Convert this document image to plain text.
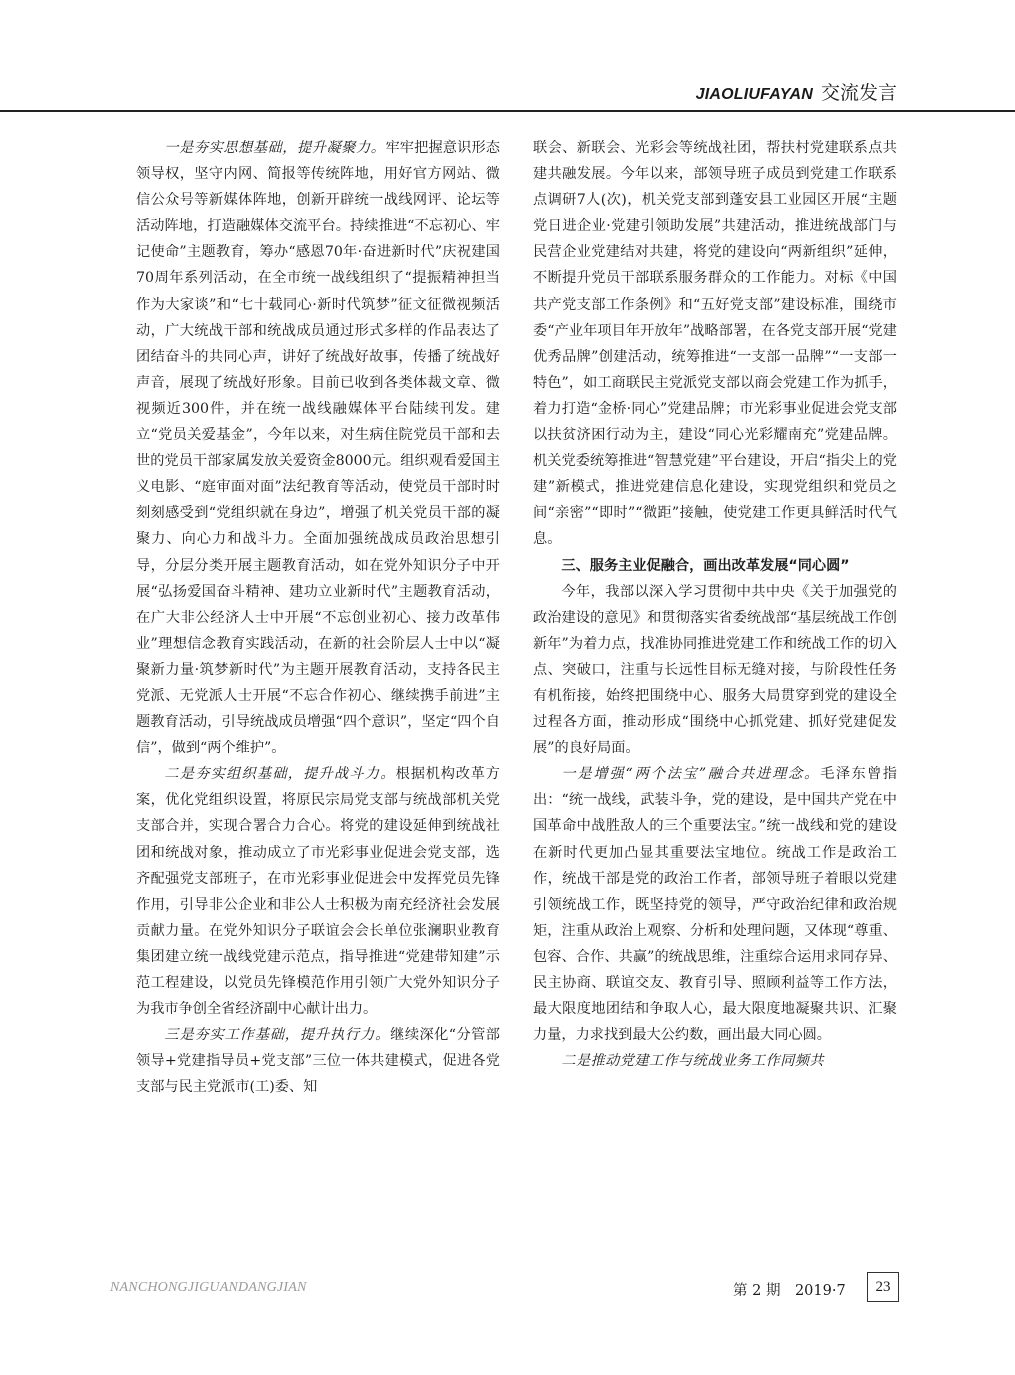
JIAOLIUFAYAN 交流发言

一是夯实思想基础，提升凝聚力。牢牢把握意识形态领导权，坚守内网、简报等传统阵地，用好官方网站、微信公众号等新媒体阵地，创新开辟统一战线网评、论坛等活动阵地，打造融媒体交流平台。持续推进“不忘初心、牢记使命”主题教育，筹办“感恩70年·奋进新时代”庆祝建国70周年系列活动，在全市统一战线组织了“提振精神担当作为大家谈”和“七十载同心·新时代筑梦”征文征微视频活动，广大统战干部和统战成员通过形式多样的作品表达了团结奋斗的共同心声，讲好了统战好故事，传播了统战好声音，展现了统战好形象。目前已收到各类体裁文章、微视频近300件，并在统一战线融媒体平台陆续刊发。建立“党员关爱基金”，今年以来，对生病住院党员干部和去世的党员干部家属发放关爱资金8000元。组织观看爱国主义电影、“庭审面对面”法纪教育等活动，使党员干部时时刻刻感受到“党组织就在身边”，增强了机关党员干部的凝聚力、向心力和战斗力。全面加强统战成员政治思想引导，分层分类开展主题教育活动，如在党外知识分子中开展“弘扬爱国奋斗精神、建功立业新时代”主题教育活动，在广大非公经济人士中开展“不忘创业初心、接力改革伟业”理想信念教育实践活动，在新的社会阶层人士中以“凝聚新力量·筑梦新时代”为主题开展教育活动，支持各民主党派、无党派人士开展“不忘合作初心、继续携手前进”主题教育活动，引导统战成员增强“四个意识”，坚定“四个自信”，做到“两个维护”。

二是夯实组织基础，提升战斗力。根据机构改革方案，优化党组织设置，将原民宗局党支部与统战部机关党支部合并，实现合署合力合心。将党的建设延伸到统战社团和统战对象，推动成立了市光彩事业促进会党支部，选齐配强党支部班子，在市光彩事业促进会中发挥党员先锋作用，引导非公企业和非公人士积极为南充经济社会发展贡献力量。在党外知识分子联谊会会长单位张澜职业教育集团建立统一战线党建示范点，指导推进“党建带知建”示范工程建设，以党员先锋模范作用引领广大党外知识分子为我市争创全省经济副中心献计出力。

三是夯实工作基础，提升执行力。继续深化“分管部领导+党建指导员+党支部”三位一体共建模式，促进各党支部与民主党派市(工)委、知

联会、新联会、光彩会等统战社团，帮扶村党建联系点共建共融发展。今年以来，部领导班子成员到党建工作联系点调研7人(次)，机关党支部到蓬安县工业园区开展“主题党日进企业·党建引领助发展”共建活动，推进统战部门与民营企业党建结对共建，将党的建设向“两新组织”延伸，不断提升党员干部联系服务群众的工作能力。对标《中国共产党支部工作条例》和“五好党支部”建设标准，围绕市委“产业年项目年开放年”战略部署，在各党支部开展“党建优秀品牌”创建活动，统筹推进“一支部一品牌”“一支部一特色”，如工商联民主党派党支部以商会党建工作为抓手，着力打造“金桥·同心”党建品牌；市光彩事业促进会党支部以扶贫济困行动为主，建设“同心光彩耀南充”党建品牌。机关党委统筹推进“智慧党建”平台建设，开启“指尖上的党建”新模式，推进党建信息化建设，实现党组织和党员之间“亲密”“即时”“微距”接触，使党建工作更具鲜活时代气息。

三、服务主业促融合，画出改革发展“同心圆”

今年，我部以深入学习贯彻中共中央《关于加强党的政治建设的意见》和贯彻落实省委统战部“基层统战工作创新年”为着力点，找准协同推进党建工作和统战工作的切入点、突破口，注重与长远性目标无缝对接，与阶段性任务有机衔接，始终把围绕中心、服务大局贯穿到党的建设全过程各方面，推动形成“围绕中心抓党建、抓好党建促发展”的良好局面。

一是增强“两个法宝”融合共进理念。毛泽东曾指出：“统一战线，武装斗争，党的建设，是中国共产党在中国革命中战胜敌人的三个重要法宝。”统一战线和党的建设在新时代更加凸显其重要法宝地位。统战工作是政治工作，统战干部是党的政治工作者，部领导班子着眼以党建引领统战工作，既坚持党的领导，严守政治纪律和政治规矩，注重从政治上观察、分析和处理问题，又体现“尊重、包容、合作、共赢”的统战思维，注重综合运用求同存异、民主协商、联谊交友、教育引导、照顾利益等工作方法，最大限度地团结和争取人心，最大限度地凝聚共识、汇聚力量，力求找到最大公约数，画出最大同心圆。

二是推动党建工作与统战业务工作同频共

NANCHONGJIGUANDANGJIAN	第 2 期　2019·7	23
